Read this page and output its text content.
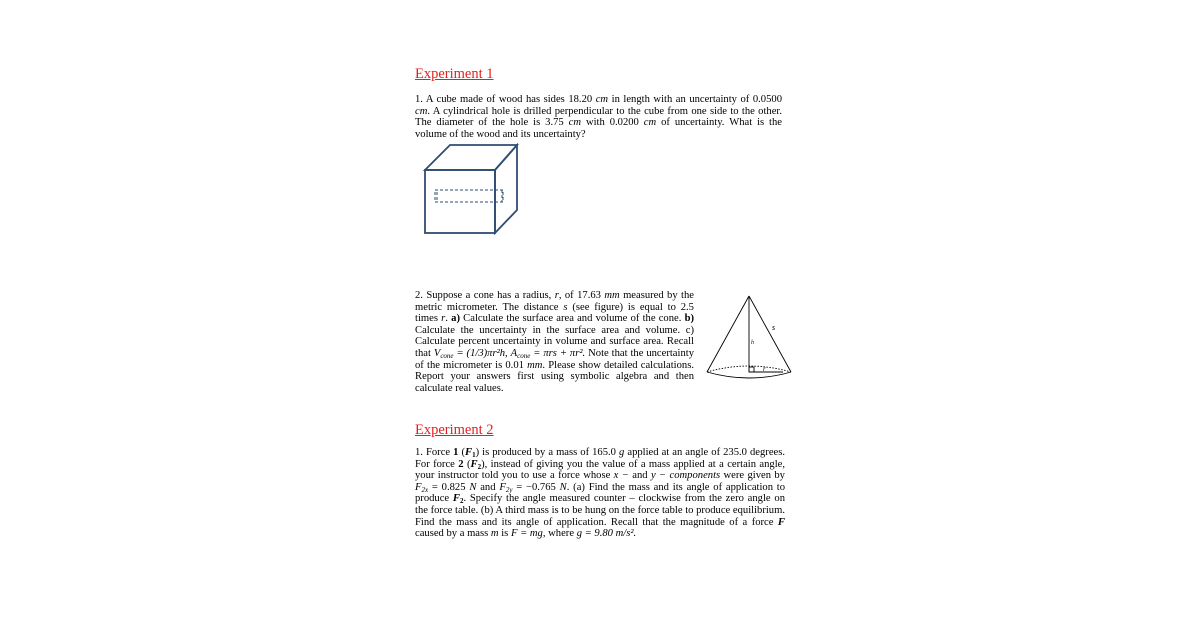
Experiment 1
1. A cube made of wood has sides 18.20 cm in length with an uncertainty of 0.0500 cm. A cylindrical hole is drilled perpendicular to the cube from one side to the other. The diameter of the hole is 3.75 cm with 0.0200 cm of uncertainty. What is the volume of the wood and its uncertainty?
2. Suppose a cone has a radius, r, of 17.63 mm measured by the metric micrometer. The distance s (see figure) is equal to 2.5 times r. a) Calculate the surface area and volume of the cone. b) Calculate the uncertainty in the surface area and volume. c) Calculate percent uncertainty in volume and surface area. Recall that $V_{cone} = (1/3)\pi r^2h$, $A_{cone} = \pi rs + \pi r^2$. Note that the uncertainty of the micrometer is 0.01 mm. Please show detailed calculations. Report your answers first using symbolic algebra and then calculate real values.
s
h
r
Experiment 2
1. Force 1 $(F_1)$ is produced by a mass of 165.0 g applied at an angle of 235.0 degrees. For force 2 $(F_2)$, instead of giving you the value of a mass applied at a certain angle, your instructor told you to use a force whose x − and y − components were given by $F_{2x} = 0.825$ N and $F_{2y} = -0.765$ N. (a) Find the mass and its angle of application to produce $F_2$. Specify the angle measured counter – clockwise from the zero angle on the force table. (b) A third mass is to be hung on the force table to produce equilibrium. Find the mass and its angle of application. Recall that the magnitude of a force F caused by a mass m is F = mg, where g = 9.80 m/s².
